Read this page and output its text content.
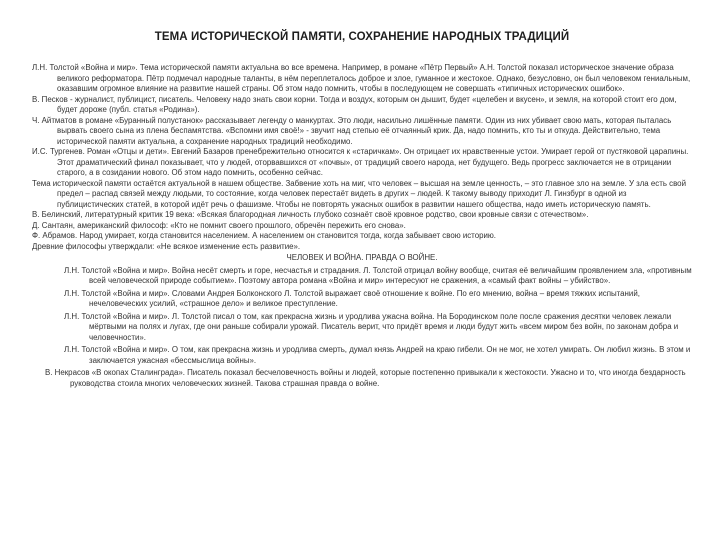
ТЕМА ИСТОРИЧЕСКОЙ ПАМЯТИ, СОХРАНЕНИЕ НАРОДНЫХ ТРАДИЦИЙ

Л.Н. Толстой «Война и мир». Тема исторической памяти актуальна во все времена. Например, в романе «Пётр Первый» А.Н. Толстой показал историческое значение образа великого реформатора. Пётр подмечал народные таланты, в нём переплеталось доброе и злое, гуманное и жестокое. Однако, безусловно, он был человеком гениальным, оказавшим огромное влияние на развитие нашей страны. Об этом надо помнить, чтобы в последующем не совершать «типичных исторических ошибок».

В. Песков - журналист, публицист, писатель. Человеку надо знать свои корни. Тогда и воздух, которым он дышит, будет «целебен и вкусен», и земля, на которой стоит его дом, будет дороже (публ. статья «Родина»).

Ч. Айтматов в романе «Буранный полустанок» рассказывает легенду о манкуртах. Это люди, насильно лишённые памяти. Один из них убивает свою мать, которая пыталась вырвать своего сына из плена беспамятства. «Вспомни имя своё!» - звучит над степью её отчаянный крик. Да, надо помнить, кто ты и откуда. Действительно, тема исторической памяти актуальна, а сохранение народных традиций необходимо.

И.С. Тургенев. Роман «Отцы и дети». Евгений Базаров пренебрежительно относится к «старичкам». Он отрицает их нравственные устои. Умирает герой от пустяковой царапины. Этот драматический финал показывает, что у людей, оторвавшихся от «почвы», от традиций своего народа, нет будущего. Ведь прогресс заключается не в отрицании старого, а в созидании нового. Об этом надо помнить, особенно сейчас.

Тема исторической памяти остаётся актуальной в нашем обществе. Забвение хоть на миг, что человек – высшая на земле ценность, – это главное зло на земле. У зла есть свой предел – распад связей между людьми, то состояние, когда человек перестаёт видеть в других – людей. К такому выводу приходит Л. Гинзбург в одной из публицистических статей, в которой идёт речь о фашизме. Чтобы не повторять ужасных ошибок в развитии нашего общества, надо иметь историческую память.

В. Белинский, литературный критик 19 века: «Всякая благородная личность глубоко сознаёт своё кровное родство, свои кровные связи с отечеством».

Д. Сантаян, американский философ: «Кто не помнит своего прошлого, обречён пережить его снова».

Ф. Абрамов. Народ умирает, когда становится населением. А населением он становится тогда, когда забывает свою историю.

Древние философы утверждали: «Не всякое изменение есть развитие».

ЧЕЛОВЕК И ВОЙНА. ПРАВДА О ВОЙНЕ.

Л.Н. Толстой «Война и мир». Война несёт смерть и горе, несчастья и страдания. Л. Толстой отрицал войну вообще, считая её величайшим проявлением зла, «противным всей человеческой природе событием». Поэтому автора романа «Война и мир» интересуют не сражения, а «самый факт войны – убийство».

Л.Н. Толстой «Война и мир». Словами Андрея Болконского Л. Толстой выражает своё отношение к войне. По его мнению, война – время тяжких испытаний, нечеловеческих усилий, «страшное дело» и великое преступление.

Л.Н. Толстой «Война и мир». Л. Толстой писал о том, как прекрасна жизнь и уродлива ужасна война. На Бородинском поле после сражения десятки человек лежали мёртвыми на полях и лугах, где они раньше собирали урожай. Писатель верит, что придёт время и люди будут жить «всем миром без войн, по законам добра и человечности».

Л.Н. Толстой «Война и мир». О том, как прекрасна жизнь и уродлива смерть, думал князь Андрей на краю гибели. Он не мог, не хотел умирать. Он любил жизнь. В этом и заключается ужасная «бессмыслица войны».

В. Некрасов «В окопах Сталинграда». Писатель показал бесчеловечность войны и людей, которые постепенно привыкали к жестокости. Ужасно и то, что иногда бездарность руководства стоила многих человеческих жизней. Такова страшная правда о войне.
